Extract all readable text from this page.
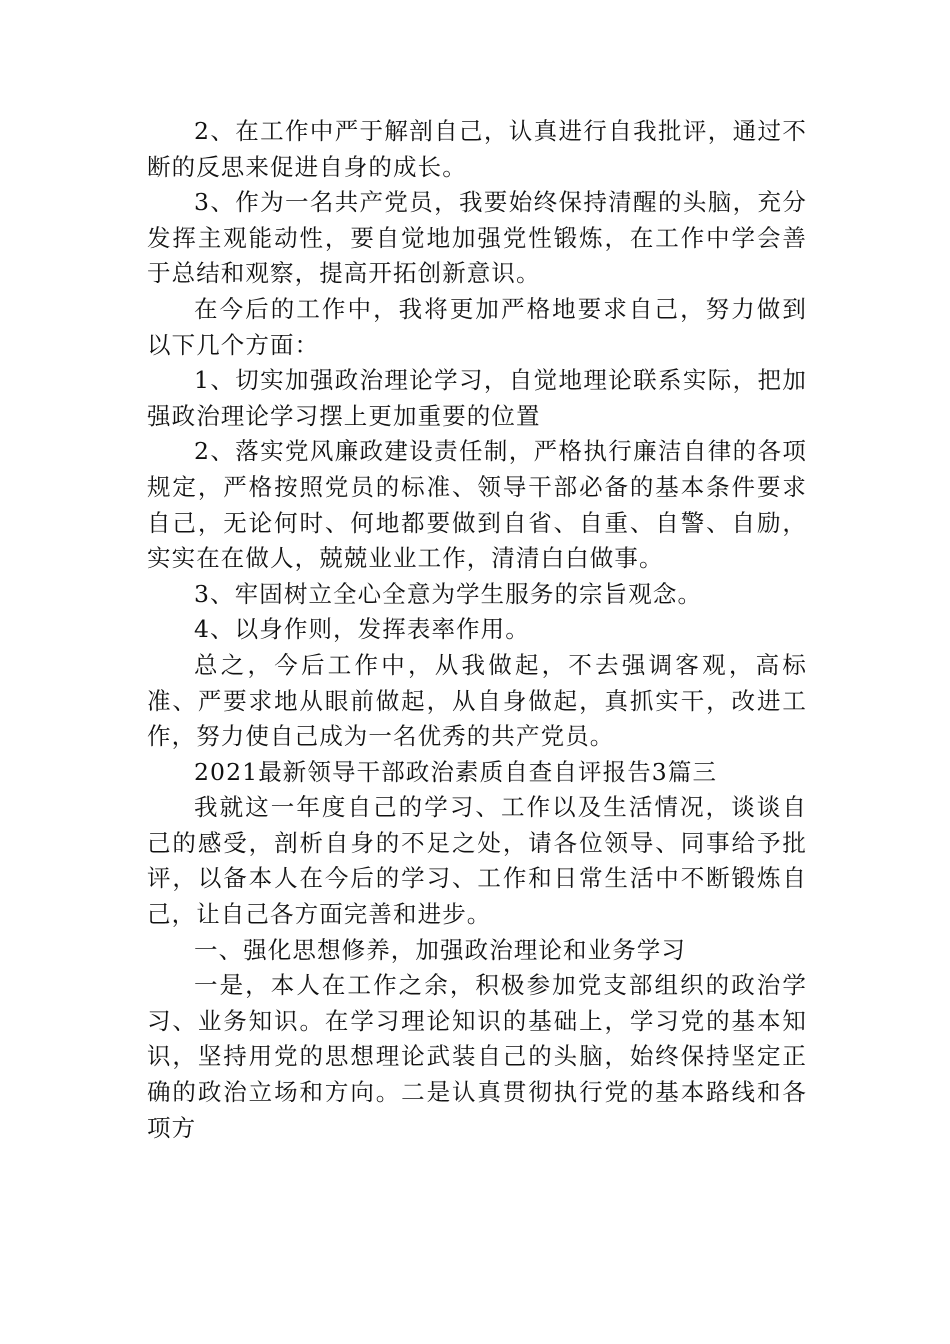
2、在工作中严于解剖自己，认真进行自我批评，通过不断的反思来促进自身的成长。

3、作为一名共产党员，我要始终保持清醒的头脑，充分发挥主观能动性，要自觉地加强党性锻炼，在工作中学会善于总结和观察，提高开拓创新意识。

在今后的工作中，我将更加严格地要求自己，努力做到以下几个方面：

1、切实加强政治理论学习，自觉地理论联系实际，把加强政治理论学习摆上更加重要的位置

2、落实党风廉政建设责任制，严格执行廉洁自律的各项规定，严格按照党员的标准、领导干部必备的基本条件要求自己，无论何时、何地都要做到自省、自重、自警、自励，实实在在做人，兢兢业业工作，清清白白做事。

3、牢固树立全心全意为学生服务的宗旨观念。

4、以身作则，发挥表率作用。

总之，今后工作中，从我做起，不去强调客观，高标准、严要求地从眼前做起，从自身做起，真抓实干，改进工作，努力使自己成为一名优秀的共产党员。

2021最新领导干部政治素质自查自评报告3篇三

我就这一年度自己的学习、工作以及生活情况，谈谈自己的感受，剖析自身的不足之处，请各位领导、同事给予批评，以备本人在今后的学习、工作和日常生活中不断锻炼自己，让自己各方面完善和进步。

一、强化思想修养，加强政治理论和业务学习

一是，本人在工作之余，积极参加党支部组织的政治学习、业务知识。在学习理论知识的基础上，学习党的基本知识，坚持用党的思想理论武装自己的头脑，始终保持坚定正确的政治立场和方向。二是认真贯彻执行党的基本路线和各项方
